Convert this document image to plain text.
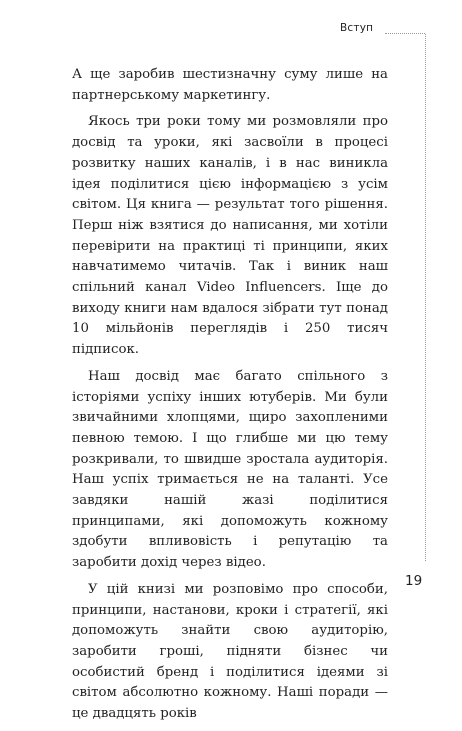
Вступ

А ще заробив шестизначну суму лише на партнерському маркетингу.

Якось три роки тому ми розмовляли про досвід та уроки, які засвоїли в процесі розвитку наших каналів, і в нас виникла ідея поділитися цією інформацією з усім світом. Ця книга — результат того рішення. Перш ніж взятися до написання, ми хотіли перевірити на практиці ті принципи, яких навчатимемо читачів. Так і виник наш спільний канал Video Influencers. Іще до виходу книги нам вдалося зібрати тут понад 10 мільйонів переглядів і 250 тисяч підписок.

Наш досвід має багато спільного з історіями успіху інших ютуберів. Ми були звичайними хлопцями, щиро захопленими певною темою. І що глибше ми цю тему розкривали, то швидше зростала аудиторія. Наш успіх тримається не на таланті. Усе завдяки нашій жазі поділитися принципами, які допоможуть кожному здобути впливовість і репутацію та заробити дохід через відео.

У цій книзі ми розповімо про способи, принципи, настанови, кроки і стратегії, які допоможуть знайти свою аудиторію, заробити гроші, підняти бізнес чи особистий бренд і поділитися ідеями зі світом абсолютно кожному. Наші поради — це двадцять років

19
